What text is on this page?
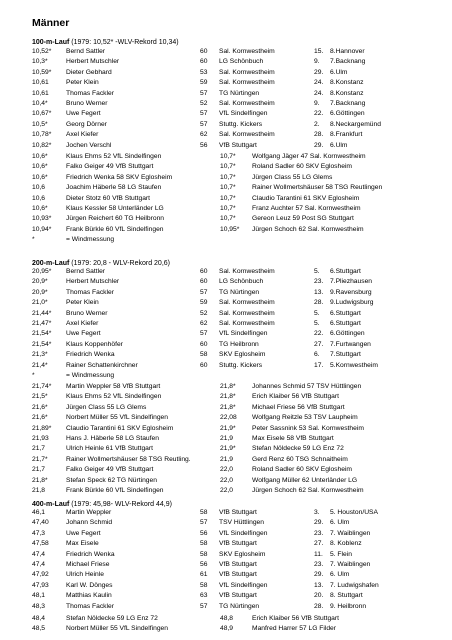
Männer
100-m-Lauf (1979: 10,52* -WLV-Rekord 10,34)
10,52* Bernd Sattler	60 Sal. Kornwestheim	15. 8.Hannover
10,3*	Herbert Mutschler	60 LG Schönbuch	9. 7.Backnang
10,59* Dieter Gebhard	53 Sal. Kornwestheim	29. 6.Ulm
10,61	Peter Klein	59 Sal. Kornwestheim	24. 8.Konstanz
10,61	Thomas Fackler	57 TG Nürtingen	24. 8.Konstanz
10,4*	Bruno Werner	52 Sal. Kornwestheim	9. 7.Backnang
10,67* Uwe Fegert	57 VfL Sindelfingen	22. 6.Göttingen
10,5*	Georg Dörner	57 Stuttg. Kickers	2. 8.Neckargemünd
10,78* Axel Kiefer	62 Sal. Kornwestheim	28. 8.Frankfurt
10,82* Jochen Verschl	56 VfB Stuttgart	29. 6.Ulm
10,6*	Klaus Ehms 52 VfL Sindelfingen	10,7* Wolfgang Jäger 47 Sal. Kornwestheim
10,6*	Falko Geiger 49 VfB Stuttgart	10,7* Roland Sadler 60 SKV Eglosheim
10,6*	Friedrich Wenka 58 SKV Eglosheim	10,7* Jürgen Class 55 LG Glems
10,6	Joachim Häberle 58 LG Staufen	10,7* Rainer Wollmertshäuser 58 TSG Reutlingen
10,6	Dieter Stotz 60 VfB Stuttgart	10,7* Claudio Tarantini 61 SKV Eglosheim
10,6*	Klaus Kessler 58 Unterländer LG	10,7* Franz Auchter 57 Sal. Kornwestheim
10,93* Jürgen Reichert 60 TG Heilbronn	10,7* Gereon Leuz 59 Post SG Stuttgart
10,94* Frank Bürkle 60 VfL Sindelfingen	10,95* Jürgen Schoch 62 Sal. Kornwestheim
*	= Windmessung
200-m-Lauf (1979: 20,8 - WLV-Rekord 20,6)
20,95* Bernd Sattler	60 Sal. Kornwestheim	5. 6.Stuttgart
20,9*	Herbert Mutschler	60 LG Schönbuch	23. 7.Pliezhausen
20,9*	Thomas Fackler	57 TG Nürtingen	13. 9.Ravensburg
21,0*	Peter Klein	59 Sal. Kornwestheim	28. 9.Ludwigsburg
21,44* Bruno Werner	52 Sal. Kornwestheim	5. 6.Stuttgart
21,47* Axel Kiefer	62 Sal. Kornwestheim	5. 6.Stuttgart
21,54* Uwe Fegert	57 VfL Sindelfingen	22. 6.Göttingen
21,54* Klaus Koppenhöfer	60 TG Heilbronn	27. 7.Furtwangen
21,3*	Friedrich Wenka	58 SKV Eglosheim	6. 7.Stuttgart
21,4*	Rainer Schattenkirchner	60 Stuttg. Kickers	17. 5.Kornwestheim
*	= Windmessung
21,74* Martin Weppler 58 VfB Stuttgart	21,8* Johannes Schmid 57 TSV Hüttlingen
21,5*	Klaus Ehms 52 VfL Sindelfingen	21,8* Erich Klaiber 56 VfB Stuttgart
21,6*	Jürgen Class 55 LG Glems	21,8* Michael Friese 56 VfB Stuttgart
21,6*	Norbert Müller 55 VfL Sindelfingen	22,08 Wolfgang Reitzle 53 TSV Laupheim
21,89* Claudio Tarantini 61 SKV Eglosheim	21,9* Peter Sassnink 53 Sal. Kornwestheim
21,93	Hans J. Häberle 58 LG Staufen	21,9	Max Eisele 58 VfB Stuttgart
21,7	Ulrich Heinle 61 VfB Stuttgart	21,9* Stefan Nöldecke 59 LG Enz 72
21,7*	Rainer Wollmertshäuser 58 TSG Reutling.	21,9	Gerd Renz 60 TSG Schnaitheim
21,7	Falko Geiger 49 VfB Stuttgart	22,0	Roland Sadler 60 SKV Eglosheim
21,8*	Stefan Speck 62 TG Nürtingen	22,0	Wolfgang Müller 62 Unterländer LG
21,8	Frank Bürkle 60 VfL Sindelfingen	22,0	Jürgen Schoch 62 Sal. Kornwestheim
400-m-Lauf (1979: 45,98- WLV-Rekord 44,9)
46,1	Martin Weppler	58 VfB Stuttgart	3. 5. Houston/USA
47,40	Johann Schmid	57 TSV Hüttlingen	29. 6. Ulm
47,3	Uwe Fegert	56 VfL Sindelfingen	23. 7. Waiblingen
47,58	Max Eisele	58 VfB Stuttgart	27. 8. Koblenz
47,4	Friedrich Wenka	58 SKV Eglosheim	11. 5. Flein
47,4	Michael Friese	56 VfB Stuttgart	23. 7. Waiblingen
47,92	Ulrich Heinle	61 VfB Stuttgart	29. 6. Ulm
47,93	Karl W. Dönges	58 VfL Sindelfingen	13. 7. Ludwigshafen
48,1	Matthias Kaulin	63 VfB Stuttgart	20. 8. Stuttgart
48,3	Thomas Fackler	57 TG Nürtingen	28. 9. Heilbronn
48,4	Stefan Nöldecke 59 LG Enz 72	48,8	Erich Klaiber 56 VfB Stuttgart
48,5	Norbert Müller 55 VfL Sindelfingen	48,9	Manfred Harrer 57 LG Filder
